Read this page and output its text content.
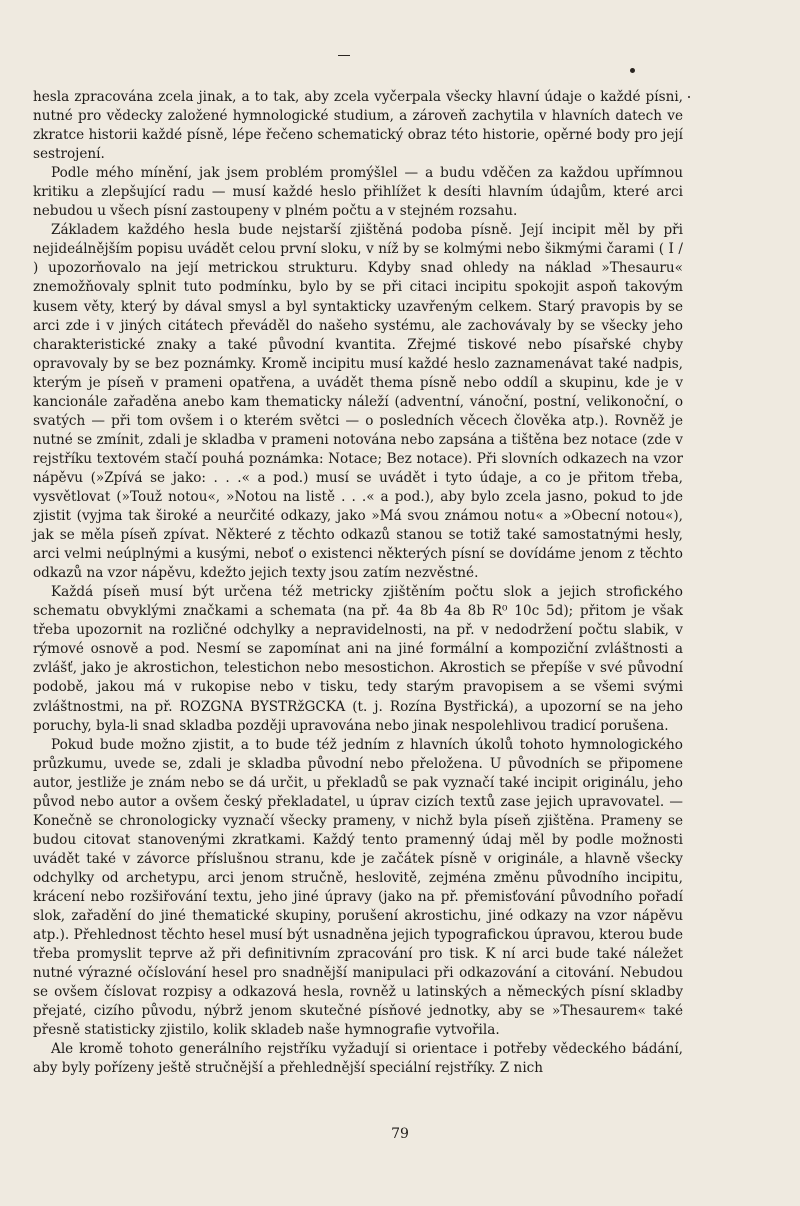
hesla zpracována zcela jinak, a to tak, aby zcela vyčerpala všecky hlavní údaje o každé písni, nutné pro vědecky založené hymnologické studium, a zároveň zachytila v hlavních datech ve zkratce historii každé písně, lépe řečeno schematický obraz této historie, opěrné body pro její sestrojení.

Podle mého mínění, jak jsem problém promýšlel — a budu vděčen za každou upřímnou kritiku a zlepšující radu — musí každé heslo přihlížet k desíti hlavním údajům, které arci nebudou u všech písní zastoupeny v plném počtu a v stejném rozsahu.

Základem každého hesla bude nejstarší zjištěná podoba písně. Její incipit měl by při nejideálnějším popisu uvádět celou první sloku, v níž by se kolmými nebo šikmými čarami ( I / ) upozorňovalo na její metrickou strukturu. Kdyby snad ohledy na náklad »Thesauru« znemožňovaly splnit tuto podmínku, bylo by se při citaci incipitu spokojit aspoň takovým kusem věty, který by dával smysl a byl syntakticky uzavřeným celkem. Starý pravopis by se arci zde i v jiných citátech převáděl do našeho systému, ale zachovávaly by se všecky jeho charakteristické znaky a také původní kvantita. Zřejmé tiskové nebo písařské chyby opravovaly by se bez poznámky. Kromě incipitu musí každé heslo zaznamenávat také nadpis, kterým je píseň v prameni opatřena, a uvádět thema písně nebo oddíl a skupinu, kde je v kancionále zařaděna anebo kam thematicky náleží (adventní, vánoční, postní, velikonoční, o svatých — při tom ovšem i o kterém světci — o posledních věcech člověka atp.). Rovněž je nutné se zmínit, zdali je skladba v prameni notována nebo zapsána a tištěna bez notace (zde v rejstříku textovém stačí pouhá poznámka: Notace; Bez notace). Při slovních odkazech na vzor nápěvu (»Zpívá se jako: . . .« a pod.) musí se uvádět i tyto údaje, a co je přitom třeba, vysvětlovat (»Touž notou«, »Notou na listě . . .« a pod.), aby bylo zcela jasno, pokud to jde zjistit (vyjma tak široké a neurčité odkazy, jako »Má svou známou notu« a »Obecní notou«), jak se měla píseň zpívat. Některé z těchto odkazů stanou se totiž také samostatnými hesly, arci velmi neúplnými a kusými, neboť o existenci některých písní se dovídáme jenom z těchto odkazů na vzor nápěvu, kdežto jejich texty jsou zatím nezvěstné.

Každá píseň musí být určena též metricky zjištěním počtu slok a jejich strofického schematu obvyklými značkami a schemata (na př. 4a 8b 4a 8b R⁰ 10c 5d); přitom je však třeba upozornit na rozličné odchylky a nepravidelnosti, na př. v nedodržení počtu slabik, v rýmové osnově a pod. Nesmí se zapomínat ani na jiné formální a kompoziční zvláštnosti a zvlášť, jako je akrostichon, telestichon nebo mesostichon. Akrostich se přepíše v své původní podobě, jakou má v rukopise nebo v tisku, tedy starým pravopisem a se všemi svými zvláštnostmi, na př. ROZGNA BYSTRžGCKA (t. j. Rozína Bystřická), a upozorní se na jeho poruchy, byla-li snad skladba později upravována nebo jinak nespolehlivou tradicí porušena.

Pokud bude možno zjistit, a to bude též jedním z hlavních úkolů tohoto hymnologického průzkumu, uvede se, zdali je skladba původní nebo přeložena. U původních se připomene autor, jestliže je znám nebo se dá určit, u překladů se pak vyznačí také incipit originálu, jeho původ nebo autor a ovšem český překladatel, u úprav cizích textů zase jejich upravovatel. — Konečně se chronologicky vyznačí všecky prameny, v nichž byla píseň zjištěna. Prameny se budou citovat stanovenými zkratkami. Každý tento pramenný údaj měl by podle možnosti uvádět také v závorce příslušnou stranu, kde je začátek písně v originále, a hlavně všecky odchylky od archetypu, arci jenom stručně, heslovitě, zejména změnu původního incipitu, krácení nebo rozšiřování textu, jeho jiné úpravy (jako na př. přemisťování původního pořadí slok, zařadění do jiné thematické skupiny, porušení akrostichu, jiné odkazy na vzor nápěvu atp.). Přehlednost těchto hesel musí být usnadněna jejich typografickou úpravou, kterou bude třeba promyslit teprve až při definitivním zpracování pro tisk. K ní arci bude také náležet nutné výrazné očíslování hesel pro snadnější manipulaci při odkazování a citování. Nebudou se ovšem číslovat rozpisy a odkazová hesla, rovněž u latinských a německých písní skladby přejaté, cizího původu, nýbrž jenom skutečné písňové jednotky, aby se »Thesaurem« také přesně statisticky zjistilo, kolik skladeb naše hymnografie vytvořila.

Ale kromě tohoto generálního rejstříku vyžadují si orientace i potřeby vědeckého bádání, aby byly pořízeny ještě stručnější a přehlednější speciální rejstříky. Z nich

79
